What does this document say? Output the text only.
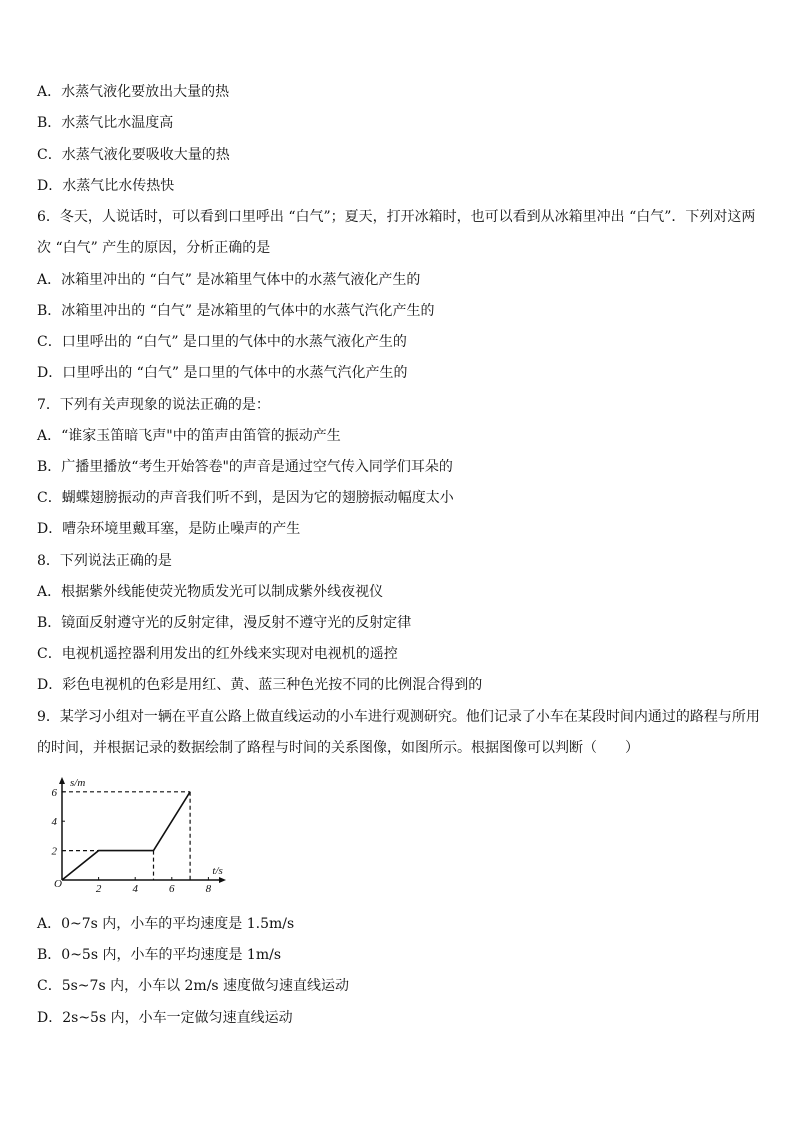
A．水蒸气液化要放出大量的热
B．水蒸气比水温度高
C．水蒸气液化要吸收大量的热
D．水蒸气比水传热快
6．冬天，人说话时，可以看到口里呼出 “白气”；夏天，打开冰箱时，也可以看到从冰箱里冲出 “白气”．下列对这两
次 “白气” 产生的原因，分析正确的是
A．冰箱里冲出的 “白气” 是冰箱里气体中的水蒸气液化产生的
B．冰箱里冲出的 “白气” 是冰箱里的气体中的水蒸气汽化产生的
C．口里呼出的 “白气” 是口里的气体中的水蒸气液化产生的
D．口里呼出的 “白气” 是口里的气体中的水蒸气汽化产生的
7．下列有关声现象的说法正确的是：
A．“谁家玉笛暗飞声"中的笛声由笛管的振动产生
B．广播里播放“考生开始答卷"的声音是通过空气传入同学们耳朵的
C．蝴蝶翅膀振动的声音我们听不到，是因为它的翅膀振动幅度太小
D．嘈杂环境里戴耳塞，是防止噪声的产生
8．下列说法正确的是
A．根据紫外线能使荧光物质发光可以制成紫外线夜视仪
B．镜面反射遵守光的反射定律，漫反射不遵守光的反射定律
C．电视机遥控器利用发出的红外线来实现对电视机的遥控
D．彩色电视机的色彩是用红、黄、蓝三种色光按不同的比例混合得到的
9．某学习小组对一辆在平直公路上做直线运动的小车进行观测研究。他们记录了小车在某段时间内通过的路程与所用
的时间，并根据记录的数据绘制了路程与时间的关系图像，如图所示。根据图像可以判断（　　）
2	4	6	8
2
4
6
s/m
t/s
O
A．0~7s 内，小车的平均速度是 1.5m/s
B．0~5s 内，小车的平均速度是 1m/s
C．5s~7s 内，小车以 2m/s 速度做匀速直线运动
D．2s~5s 内，小车一定做匀速直线运动
